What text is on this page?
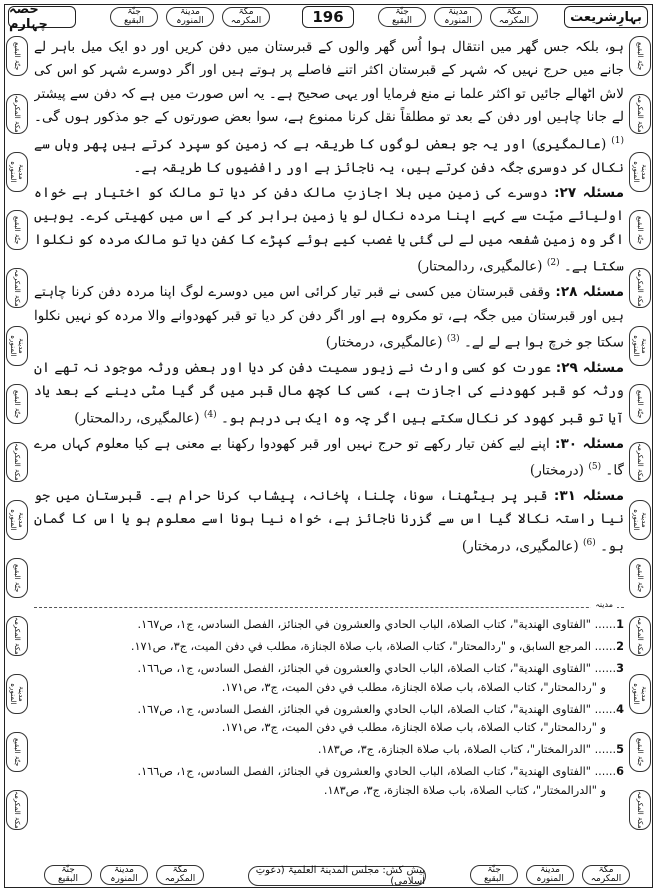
حصہ چہارم
جنّۃ
البقیع
مدینۃ
المنورہ
مکۃ
المکرمہ	196	جنّۃ
البقیع
مدینۃ
المنورہ
مکۃ
المکرمہ	بہارِشریعت
جنّۃ البقیع
مکۃ المکرمہ
مدینۃ المنورہ
جنّۃ البقیع
مکۃ المکرمہ
مدینۃ المنورہ
جنّۃ البقیع
مکۃ المکرمہ
مدینۃ المنورہ
جنّۃ البقیع
مکۃ المکرمہ
مدینۃ المنورہ
جنّۃ البقیع
مکۃ المکرمہ
جنّۃ البقیع
مکۃ المکرمہ
مدینۃ المنورہ
جنّۃ البقیع
مکۃ المکرمہ
مدینۃ المنورہ
جنّۃ البقیع
مکۃ المکرمہ
مدینۃ المنورہ
جنّۃ البقیع
مکۃ المکرمہ
مدینۃ المنورہ
جنّۃ البقیع
مکۃ المکرمہ

ہو، بلکہ جس گھر میں انتقال ہوا اُس گھر والوں کے قبرستان میں دفن کریں اور دو ایک میل باہر لے جانے میں حرج نہیں کہ شہر کے قبرستان اکثر اتنے فاصلے پر ہوتے ہیں اور اگر دوسرے شہر کو اس کی لاش اٹھالے جائیں تو اکثر علما نے منع فرمایا اور یہی صحیح ہے۔ یہ اس صورت میں ہے کہ دفن سے پیشتر لے جانا چاہیں اور دفن کے بعد تو مطلقاً نقل کرنا ممنوع ہے، سوا بعض صورتوں کے جو مذکور ہوں گی۔ $^{(1)}$ (عالمگیری) اور یہ جو بعض لوگوں کا طریقہ ہے کہ زمین کو سپرد کرتے ہیں پھر وہاں سے نکال کر دوسری جگہ دفن کرتے ہیں، یہ ناجائز ہے اور رافضیوں کا طریقہ ہے۔

مسئلہ ۲۷: دوسرے کی زمین میں بلا اجازتِ مالک دفن کر دیا تو مالک کو اختیار ہے خواہ اولیائے میّت سے کہے اپنا مردہ نکال لو یا زمین برابر کر کے اس میں کھیتی کرے۔ یوہیں اگر وہ زمین شفعہ میں لے لی گئی یا غصب کیے ہوئے کپڑے کا کفن دیا تو مالک مردہ کو نکلوا سکتا ہے۔ $^{(2)}$ (عالمگیری، ردالمحتار)

مسئلہ ۲۸: وقفی قبرستان میں کسی نے قبر تیار کرائی اس میں دوسرے لوگ اپنا مردہ دفن کرنا چاہتے ہیں اور قبرستان میں جگہ ہے، تو مکروہ ہے اور اگر دفن کر دیا تو قبر کھودوانے والا مردہ کو نہیں نکلوا سکتا جو خرچ ہوا ہے لے لے۔ $^{(3)}$ (عالمگیری، درمختار)

مسئلہ ۲۹: عورت کو کسی وارث نے زیور سمیت دفن کر دیا اور بعض ورثہ موجود نہ تھے ان ورثہ کو قبر کھودنے کی اجازت ہے، کسی کا کچھ مال قبر میں گر گیا مٹی دینے کے بعد یاد آیا تو قبر کھود کر نکال سکتے ہیں اگر چہ وہ ایک ہی درہم ہو۔ $^{(4)}$ (عالمگیری، ردالمحتار)

مسئلہ ۳۰: اپنے لیے کفن تیار رکھے تو حرج نہیں اور قبر کھودوا رکھنا بے معنی ہے کیا معلوم کہاں مرے گا۔ $^{(5)}$ (درمختار)

مسئلہ ۳۱: قبر پر بیٹھنا، سونا، چلنا، پاخانہ، پیشاب کرنا حرام ہے۔ قبرستان میں جو نیا راستہ نکالا گیا اس سے گزرنا ناجائز ہے، خواہ نیا ہونا اسے معلوم ہو یا اس کا گمان ہو۔ $^{(6)}$ (عالمگیری، درمختار)

مدینہ
1...... "الفتاوی الهندية"، كتاب الصلاة، الباب الحادي والعشرون في الجنائز، الفصل السادس، ج١، ص١٦٧.
2...... المرجع السابق، و "ردالمحتار"، كتاب الصلاة، باب صلاة الجنازة، مطلب في دفن الميت، ج٣، ص١٧١.
3...... "الفتاوی الهندية"، كتاب الصلاة، الباب الحادي والعشرون في الجنائز، الفصل السادس، ج١، ص١٦٦.
و "ردالمحتار"، كتاب الصلاة، باب صلاة الجنازة، مطلب في دفن الميت، ج٣، ص١٧١.
4...... "الفتاوی الهندية"، كتاب الصلاة، الباب الحادي والعشرون في الجنائز، الفصل السادس، ج١، ص١٦٧.
و "ردالمحتار"، كتاب الصلاة، باب صلاة الجنازة، مطلب في دفن الميت، ج٣، ص١٧١.
5...... "الدرالمختار"، كتاب الصلاة، باب صلاة الجنازة، ج٣، ص١٨٣.
6...... "الفتاوی الهندية"، كتاب الصلاة، الباب الحادي والعشرون في الجنائز، الفصل السادس، ج١، ص١٦٦.
و "الدرالمختار"، كتاب الصلاة، باب صلاة الجنازة، ج٣، ص١٨٣.
جنّۃ
البقیع
مدینۃ
المنورہ
مکۃ
المکرمہ
پیش کش: مجلس المدینۃ العلمیۃ (دعوتِ اسلامی)
جنّۃ
البقیع
مدینۃ
المنورہ
مکۃ
المکرمہ
